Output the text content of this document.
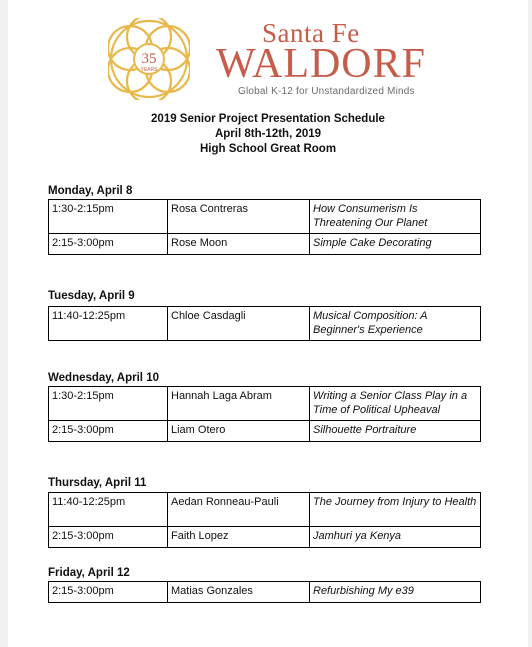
35
YEARS
Santa Fe
WALDORF
Global K-12 for Unstandardized Minds
2019 Senior Project Presentation Schedule
April 8th-12th, 2019
High School Great Room
Monday, April 8
1:30-2:15pm	Rosa Contreras	How Consumerism Is Threatening Our Planet
2:15-3:00pm	Rose Moon	Simple Cake Decorating
Tuesday, April 9
11:40-12:25pm	Chloe Casdagli	Musical Composition: A Beginner's Experience
Wednesday, April 10
1:30-2:15pm	Hannah Laga Abram	Writing a Senior Class Play in a Time of Political Upheaval
2:15-3:00pm	Liam Otero	Silhouette Portraiture
Thursday, April 11
11:40-12:25pm	Aedan Ronneau-Pauli	The Journey from Injury to Health
2:15-3:00pm	Faith Lopez	Jamhuri ya Kenya
Friday, April 12
2:15-3:00pm	Matias Gonzales	Refurbishing My e39
